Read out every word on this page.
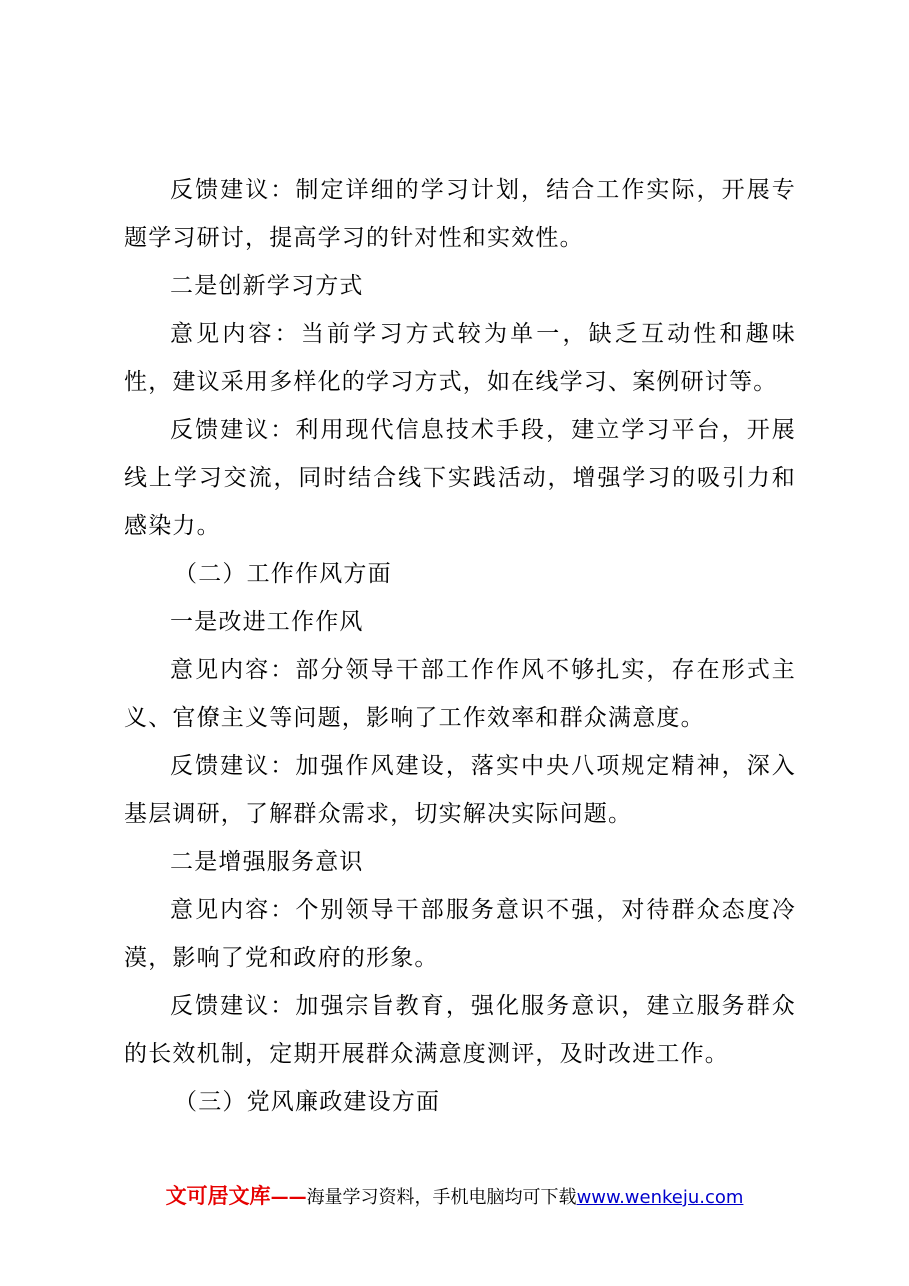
反馈建议：制定详细的学习计划，结合工作实际，开展专题学习研讨，提高学习的针对性和实效性。

二是创新学习方式

意见内容：当前学习方式较为单一，缺乏互动性和趣味性，建议采用多样化的学习方式，如在线学习、案例研讨等。

反馈建议：利用现代信息技术手段，建立学习平台，开展线上学习交流，同时结合线下实践活动，增强学习的吸引力和感染力。

（二）工作作风方面

一是改进工作作风

意见内容：部分领导干部工作作风不够扎实，存在形式主义、官僚主义等问题，影响了工作效率和群众满意度。

反馈建议：加强作风建设，落实中央八项规定精神，深入基层调研，了解群众需求，切实解决实际问题。

二是增强服务意识

意见内容：个别领导干部服务意识不强，对待群众态度冷漠，影响了党和政府的形象。

反馈建议：加强宗旨教育，强化服务意识，建立服务群众的长效机制，定期开展群众满意度测评，及时改进工作。

（三）党风廉政建设方面

文可居文库——海量学习资料，手机电脑均可下载www.wenkeju.com
